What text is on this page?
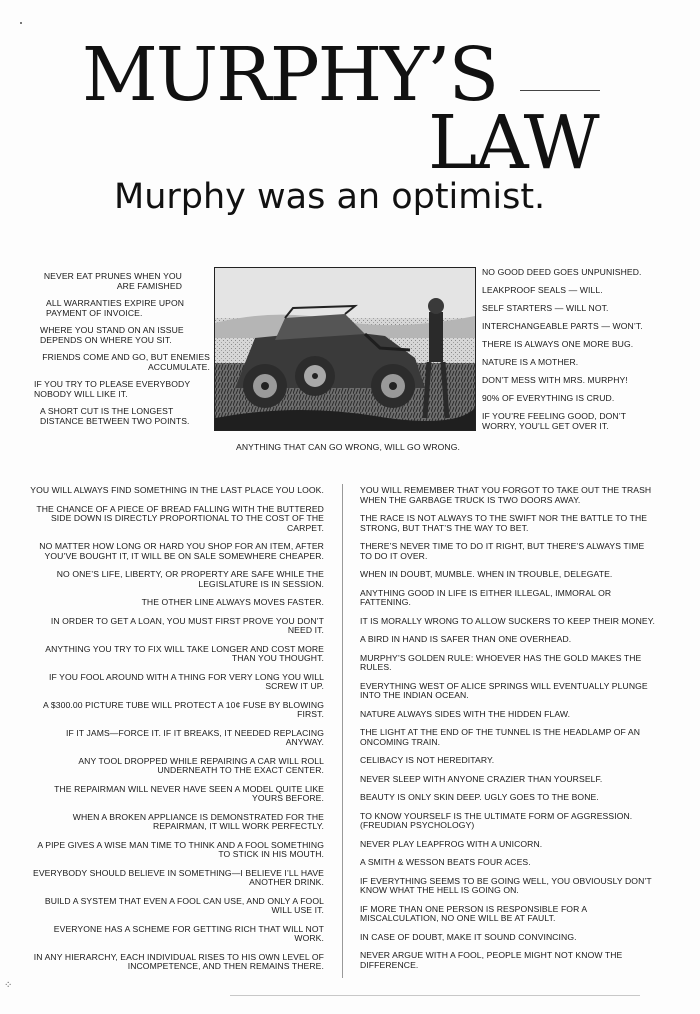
MURPHY’S
LAW
Murphy was an optimist.
NEVER EAT PRUNES WHEN YOU ARE FAMISHED
ALL WARRANTIES EXPIRE UPON PAYMENT OF INVOICE.
WHERE YOU STAND ON AN ISSUE DEPENDS ON WHERE YOU SIT.
FRIENDS COME AND GO, BUT ENEMIES ACCUMULATE.
IF YOU TRY TO PLEASE EVERYBODY NOBODY WILL LIKE IT.
A SHORT CUT IS THE LONGEST DISTANCE BETWEEN TWO POINTS.
NO GOOD DEED GOES UNPUNISHED.
LEAKPROOF SEALS — WILL.
SELF STARTERS — WILL NOT.
INTERCHANGEABLE PARTS — WON’T.
THERE IS ALWAYS ONE MORE BUG.
NATURE IS A MOTHER.
DON’T MESS WITH MRS. MURPHY!
90% OF EVERYTHING IS CRUD.
IF YOU’RE FEELING GOOD, DON’T WORRY, YOU’LL GET OVER IT.
ANYTHING THAT CAN GO WRONG, WILL GO WRONG.
YOU WILL ALWAYS FIND SOMETHING IN THE LAST PLACE YOU LOOK.
THE CHANCE OF A PIECE OF BREAD FALLING WITH THE BUTTERED SIDE DOWN IS DIRECTLY PROPORTIONAL TO THE COST OF THE CARPET.
NO MATTER HOW LONG OR HARD YOU SHOP FOR AN ITEM, AFTER YOU’VE BOUGHT IT, IT WILL BE ON SALE SOMEWHERE CHEAPER.
NO ONE’S LIFE, LIBERTY, OR PROPERTY ARE SAFE WHILE THE LEGISLATURE IS IN SESSION.
THE OTHER LINE ALWAYS MOVES FASTER.
IN ORDER TO GET A LOAN, YOU MUST FIRST PROVE YOU DON’T NEED IT.
ANYTHING YOU TRY TO FIX WILL TAKE LONGER AND COST MORE THAN YOU THOUGHT.
IF YOU FOOL AROUND WITH A THING FOR VERY LONG YOU WILL SCREW IT UP.
A $300.00 PICTURE TUBE WILL PROTECT A 10¢ FUSE BY BLOWING FIRST.
IF IT JAMS—FORCE IT. IF IT BREAKS, IT NEEDED REPLACING ANYWAY.
ANY TOOL DROPPED WHILE REPAIRING A CAR WILL ROLL UNDERNEATH TO THE EXACT CENTER.
THE REPAIRMAN WILL NEVER HAVE SEEN A MODEL QUITE LIKE YOURS BEFORE.
WHEN A BROKEN APPLIANCE IS DEMONSTRATED FOR THE REPAIRMAN, IT WILL WORK PERFECTLY.
A PIPE GIVES A WISE MAN TIME TO THINK AND A FOOL SOMETHING TO STICK IN HIS MOUTH.
EVERYBODY SHOULD BELIEVE IN SOMETHING—I BELIEVE I’LL HAVE ANOTHER DRINK.
BUILD A SYSTEM THAT EVEN A FOOL CAN USE, AND ONLY A FOOL WILL USE IT.
EVERYONE HAS A SCHEME FOR GETTING RICH THAT WILL NOT WORK.
IN ANY HIERARCHY, EACH INDIVIDUAL RISES TO HIS OWN LEVEL OF INCOMPETENCE, AND THEN REMAINS THERE.
YOU WILL REMEMBER THAT YOU FORGOT TO TAKE OUT THE TRASH WHEN THE GARBAGE TRUCK IS TWO DOORS AWAY.
THE RACE IS NOT ALWAYS TO THE SWIFT NOR THE BATTLE TO THE STRONG, BUT THAT’S THE WAY TO BET.
THERE’S NEVER TIME TO DO IT RIGHT, BUT THERE’S ALWAYS TIME TO DO IT OVER.
WHEN IN DOUBT, MUMBLE. WHEN IN TROUBLE, DELEGATE.
ANYTHING GOOD IN LIFE IS EITHER ILLEGAL, IMMORAL OR FATTENING.
IT IS MORALLY WRONG TO ALLOW SUCKERS TO KEEP THEIR MONEY.
A BIRD IN HAND IS SAFER THAN ONE OVERHEAD.
MURPHY’S GOLDEN RULE: WHOEVER HAS THE GOLD MAKES THE RULES.
EVERYTHING WEST OF ALICE SPRINGS WILL EVENTUALLY PLUNGE INTO THE INDIAN OCEAN.
NATURE ALWAYS SIDES WITH THE HIDDEN FLAW.
THE LIGHT AT THE END OF THE TUNNEL IS THE HEADLAMP OF AN ONCOMING TRAIN.
CELIBACY IS NOT HEREDITARY.
NEVER SLEEP WITH ANYONE CRAZIER THAN YOURSELF.
BEAUTY IS ONLY SKIN DEEP. UGLY GOES TO THE BONE.
TO KNOW YOURSELF IS THE ULTIMATE FORM OF AGGRESSION. (FREUDIAN PSYCHOLOGY)
NEVER PLAY LEAPFROG WITH A UNICORN.
A SMITH & WESSON BEATS FOUR ACES.
IF EVERYTHING SEEMS TO BE GOING WELL, YOU OBVIOUSLY DON’T KNOW WHAT THE HELL IS GOING ON.
IF MORE THAN ONE PERSON IS RESPONSIBLE FOR A MISCALCULATION, NO ONE WILL BE AT FAULT.
IN CASE OF DOUBT, MAKE IT SOUND CONVINCING.
NEVER ARGUE WITH A FOOL, PEOPLE MIGHT NOT KNOW THE DIFFERENCE.
⁘
